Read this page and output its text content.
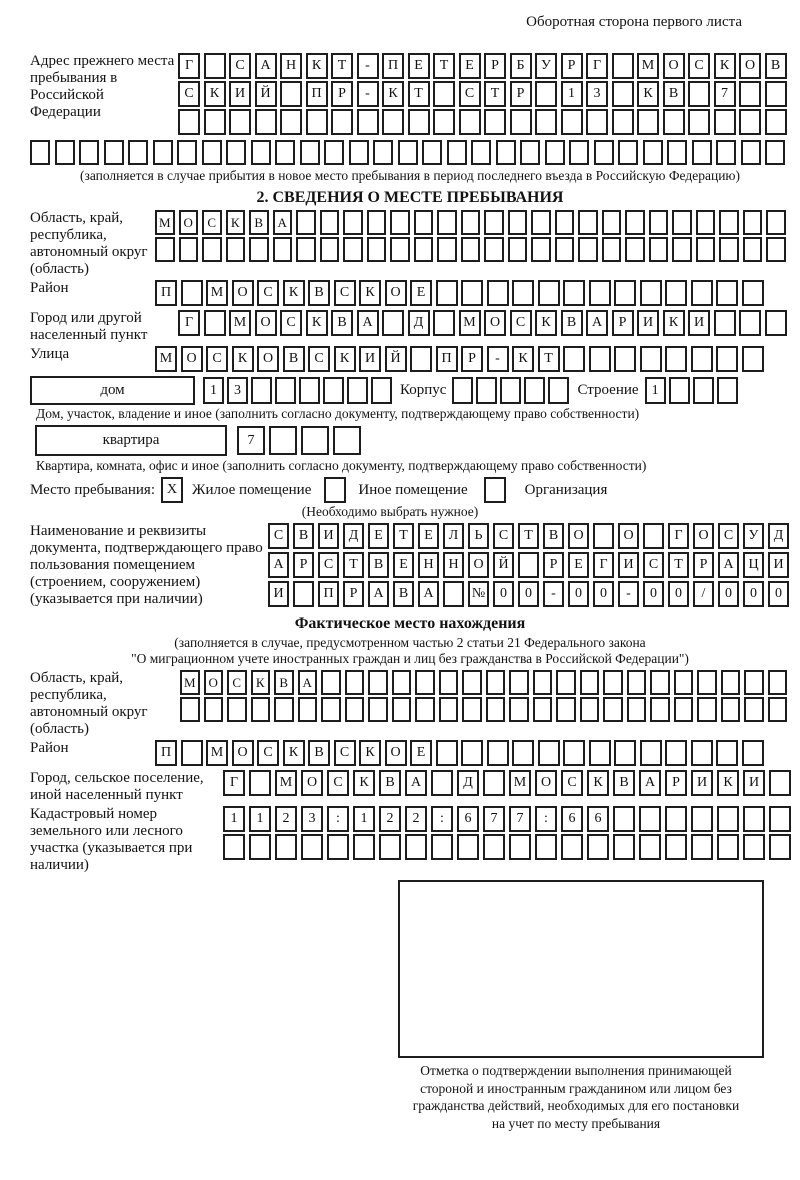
Оборотная сторона первого листа
Адрес прежнего места пребывания в Российской Федерации
Г	С	А	Н	К	Т	-	П	Е	Т	Е	Р	Б	У	Р	Г	М	О	С	К	О	В
С	К	И	Й	П	Р	-	К	Т	С	Т	Р	1	3	К	В	7
(заполняется в случае прибытия в новое место пребывания в период последнего въезда в Российскую Федерацию)
2. СВЕДЕНИЯ О МЕСТЕ ПРЕБЫВАНИЯ
Область, край, республика, автономный округ (область)
М	О	С	К	В	А
Район	П	М	О	С	К	В	С	К	О	Е
Город или другой населенный пункт
Г	М	О	С	К	В	А	Д	М	О	С	К	В	А	Р	И	К	И
Улица	М	О	С	К	О	В	С	К	И	Й	П	Р	-	К	Т
дом	1	3	Корпус	Строение 1
Дом, участок, владение и иное (заполнить согласно документу, подтверждающему право собственности)
квартира	7
Квартира, комната, офис и иное (заполнить согласно документу, подтверждающему право собственности)
Место пребывания: X Жилое помещение	Иное помещение	Организация
(Необходимо выбрать нужное)
Наименование и реквизиты документа, подтверждающего право пользования помещением (строением, сооружением) (указывается при наличии)
С	В	И	Д	Е	Т	Е	Л	Ь	С	Т	В	О	О	Г	О	С	У	Д
А	Р	С	Т	В	Е	Н	Н	О	Й	Р	Е	Г	И	С	Т	Р	А	Ц	И
И	П	Р	А	В	А	№	0	0	-	0	0	-	0	0	/	0	0	0
Фактическое место нахождения
(заполняется в случае, предусмотренном частью 2 статьи 21 Федерального закона
"О миграционном учете иностранных граждан и лиц без гражданства в Российской Федерации")
Область, край, республика, автономный округ (область)
М	О	С	К	В	А
Район	П	М	О	С	К	В	С	К	О	Е
Город, сельское поселение, иной населенный пункт
Г	М	О	С	К	В	А	Д	М	О	С	К	В	А	Р	И	К	И
Кадастровый номер земельного или лесного участка (указывается при наличии)
1	1	2	3	:	1	2	2	:	6	7	7	:	6	6
Отметка о подтверждении выполнения принимающей
стороной и иностранным гражданином или лицом без
гражданства действий, необходимых для его постановки
на учет по месту пребывания
